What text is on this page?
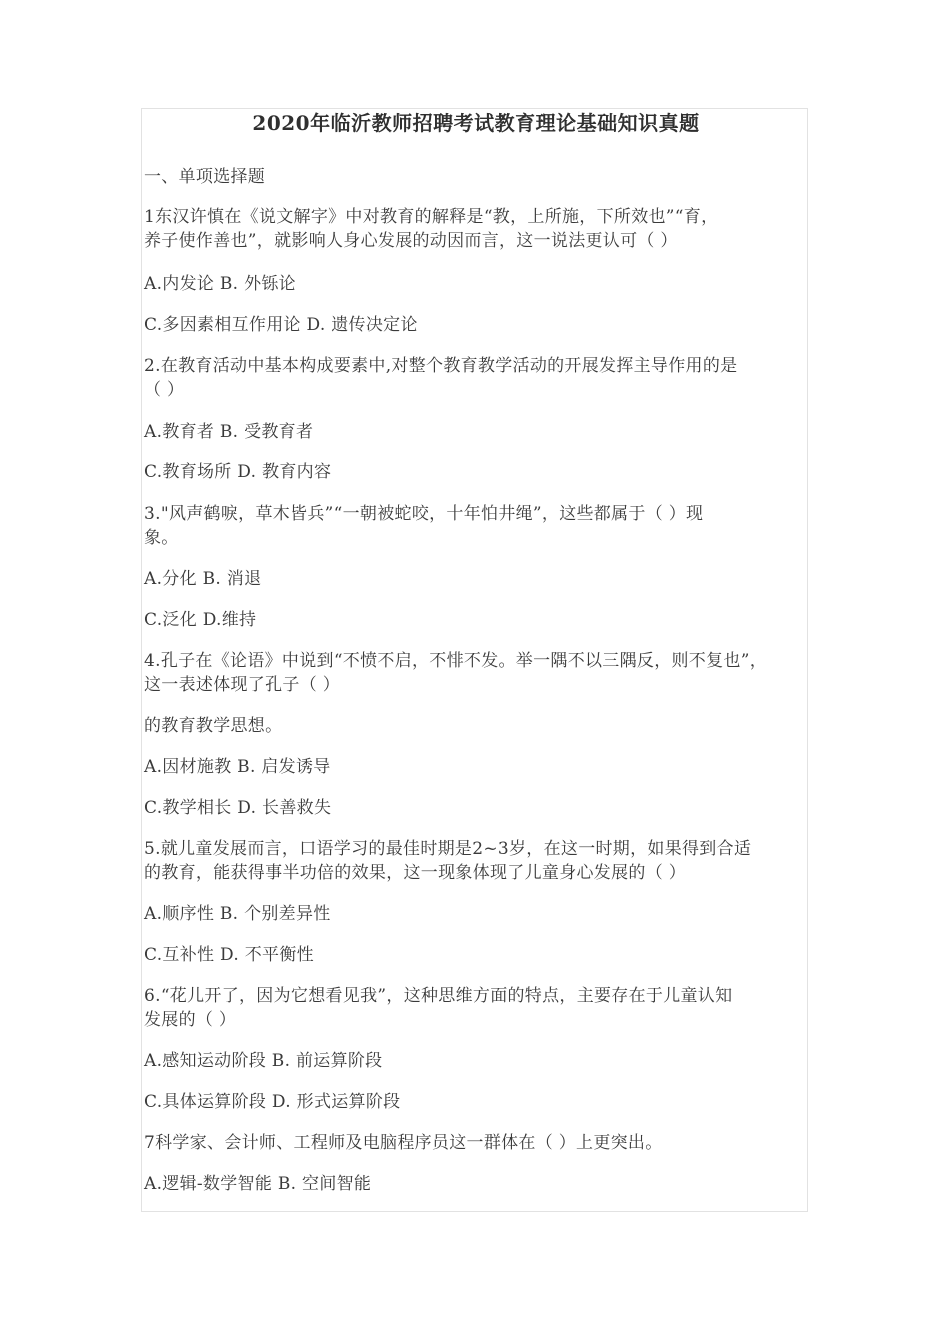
2020年临沂教师招聘考试教育理论基础知识真题

一、单项选择题

1东汉许慎在《说文解字》中对教育的解释是“教，上所施，下所效也”“育，

养子使作善也”，就影响人身心发展的动因而言，这一说法更认可（ ）

A.内发论 B. 外铄论

C.多因素相互作用论 D. 遗传决定论

2.在教育活动中基本构成要素中,对整个教育教学活动的开展发挥主导作用的是

（ ）

A.教育者 B. 受教育者

C.教育场所 D. 教育内容

3."风声鹤唳，草木皆兵”“一朝被蛇咬，十年怕井绳”，这些都属于（ ）现

象。

A.分化 B. 消退

C.泛化 D.维持

4.孔子在《论语》中说到“不愤不启，不悱不发。举一隅不以三隅反，则不复也”，

这一表述体现了孔子（ ）

的教育教学思想。

A.因材施教 B. 启发诱导

C.教学相长 D. 长善救失

5.就儿童发展而言，口语学习的最佳时期是2~3岁，在这一时期，如果得到合适

的教育，能获得事半功倍的效果，这一现象体现了儿童身心发展的（ ）

A.顺序性 B. 个别差异性

C.互补性 D. 不平衡性

6.“花儿开了，因为它想看见我”，这种思维方面的特点，主要存在于儿童认知

发展的（ ）

A.感知运动阶段 B. 前运算阶段

C.具体运算阶段 D. 形式运算阶段

7科学家、会计师、工程师及电脑程序员这一群体在（ ）上更突出。

A.逻辑-数学智能 B. 空间智能
